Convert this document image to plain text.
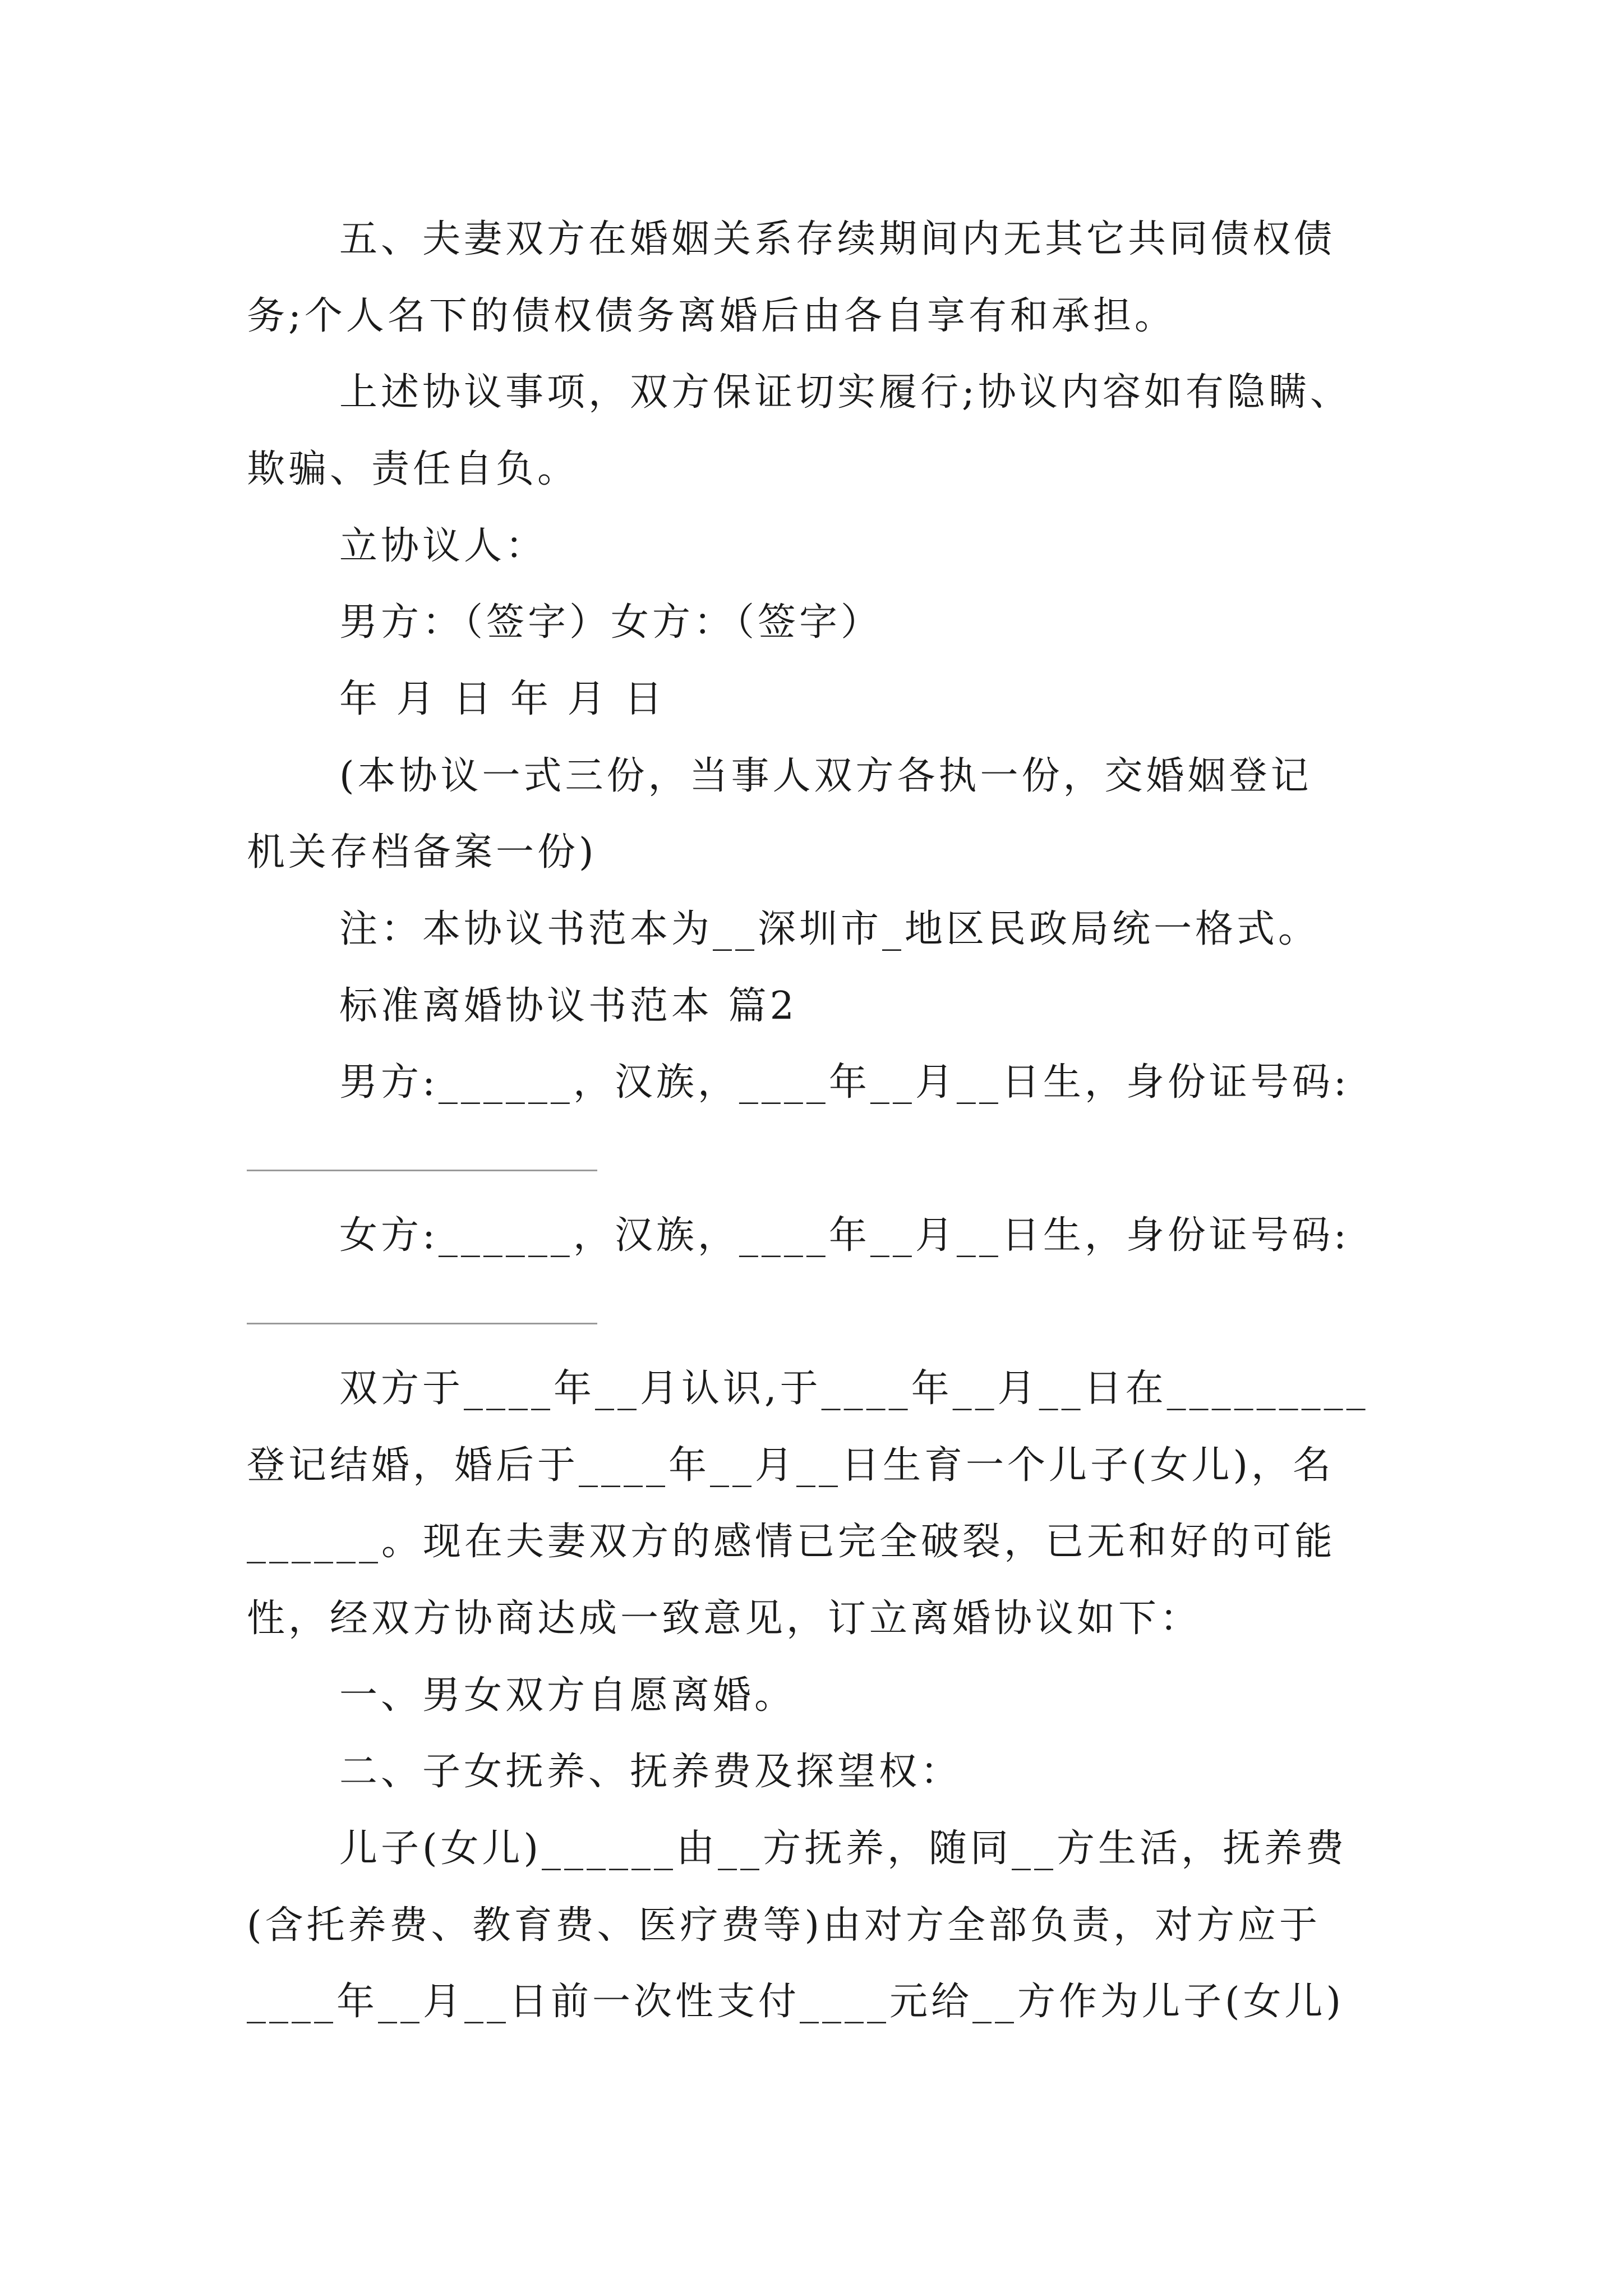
五、夫妻双方在婚姻关系存续期间内无其它共同债权债
务;个人名下的债权债务离婚后由各自享有和承担。
上述协议事项，双方保证切实履行;协议内容如有隐瞒、
欺骗、责任自负。
立协议人：
男方：（签字）女方：（签字）
年 月 日 年 月 日
(本协议一式三份，当事人双方各执一份，交婚姻登记
机关存档备案一份)
注：本协议书范本为__深圳市_地区民政局统一格式。
标准离婚协议书范本 篇2
男方:______，汉族，____年__月__日生，身份证号码:
女方:______，汉族，____年__月__日生，身份证号码:
双方于____年__月认识,于____年__月__日在_________
登记结婚，婚后于____年__月__日生育一个儿子(女儿)，名
______。现在夫妻双方的感情已完全破裂，已无和好的可能
性，经双方协商达成一致意见，订立离婚协议如下：
一、男女双方自愿离婚。
二、子女抚养、抚养费及探望权：
儿子(女儿)______由__方抚养，随同__方生活，抚养费
(含托养费、教育费、医疗费等)由对方全部负责，对方应于
____年__月__日前一次性支付____元给__方作为儿子(女儿)
